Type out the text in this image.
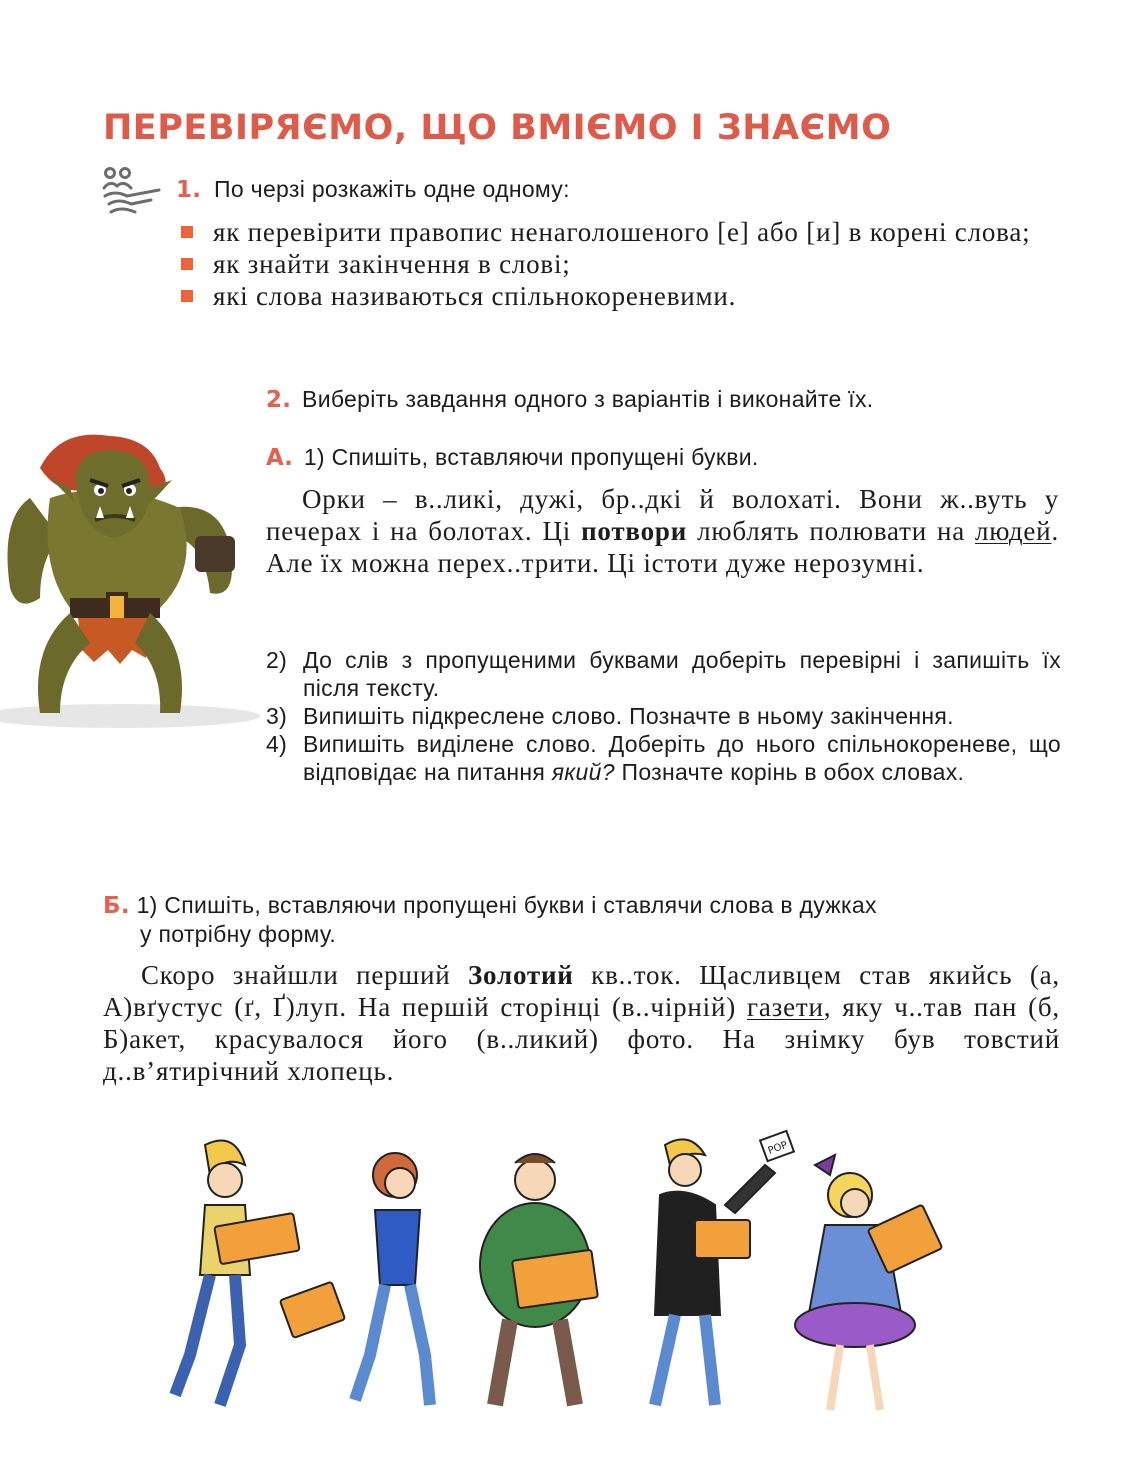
ПЕРЕВІРЯЄМО, ЩО ВМІЄМО І ЗНАЄМО
1. По черзі розкажіть одне одному:
як перевірити правопис ненаголошеного [е] або [и] в корені слова;
як знайти закінчення в слові;
які слова називаються спільнокореневими.
2. Виберіть завдання одного з варіантів і виконайте їх.
А. 1) Спишіть, вставляючи пропущені букви.
Орки – в..ликі, дужі, бр..дкі й волохаті. Вони ж..вуть у печерах і на болотах. Ці потвори люблять полювати на людей. Але їх можна перех..трити. Ці істоти дуже нерозумні.
2) До слів з пропущеними буквами доберіть перевірні і запишіть їх після тексту.
3) Випишіть підкреслене слово. Позначте в ньому закінчення.
4) Випишіть виділене слово. Доберіть до нього спільнокореневе, що відповідає на питання який? Позначте корінь в обох словах.
Б. 1) Спишіть, вставляючи пропущені букви і ставлячи слова в дужках
у потрібну форму.
Скоро знайшли перший Золотий кв..ток. Щасливцем став якийсь (а, А)вґустус (ґ, Ґ)луп. На першій сторінці (в..чірній) газети, яку ч..тав пан (б, Б)акет, красувалося його (в..ликий) фото. На знімку був товстий д..в’ятирічний хлопець.
POP
